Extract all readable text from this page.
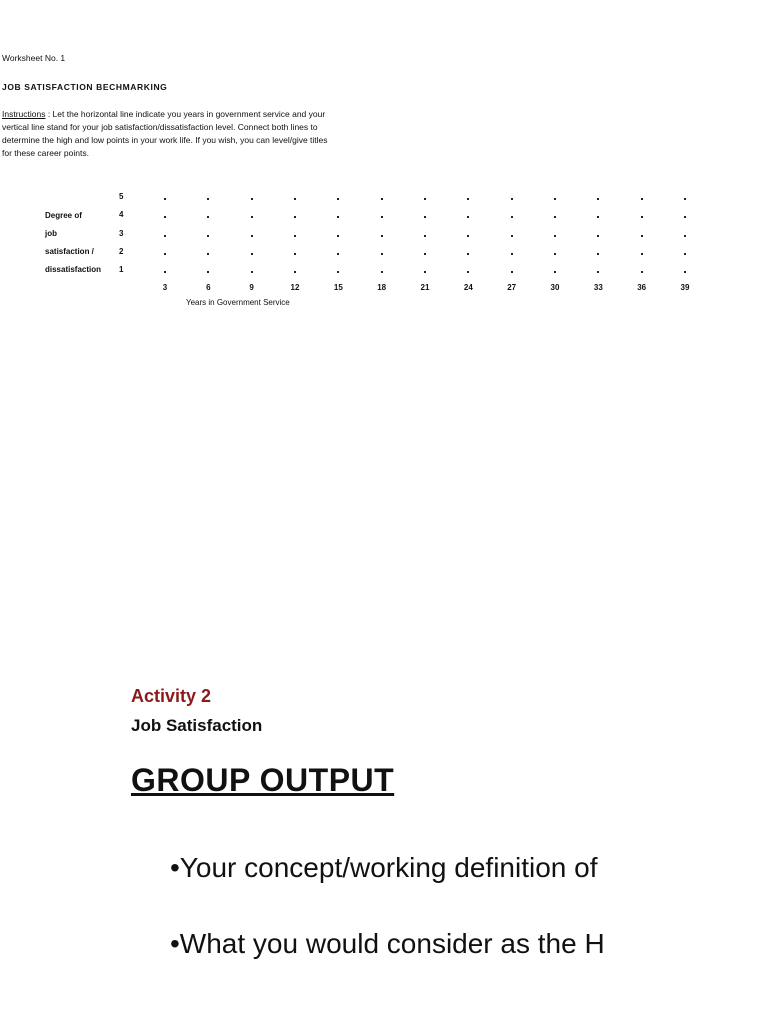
Worksheet No. 1
JOB SATISFACTION BECHMARKING
Instructions : Let the horizontal line indicate you years in government service and your vertical line stand for your job satisfaction/dissatisfaction level. Connect both lines to determine the high and low points in your work life. If you wish, you can level/give titles for these career points.
Degree of
job
satisfaction /
dissatisfaction
5
4
3
2
1
3	6	9	12	15	18	21	24	27	30	33	36	39
Years in Government Service
Activity 2
Job Satisfaction
GROUP OUTPUT
•Your concept/working definition of
•What you would consider as the H
